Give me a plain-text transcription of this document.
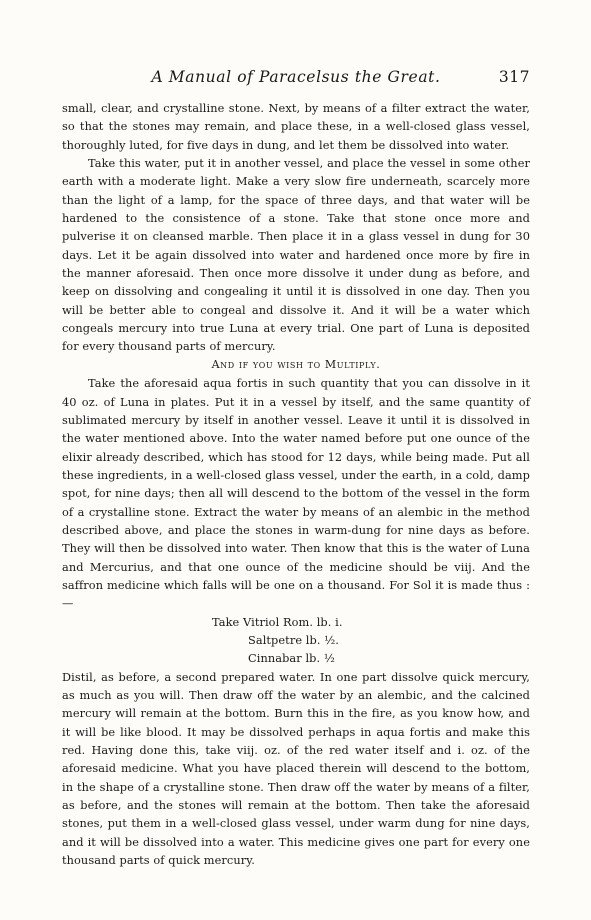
A Manual of Paracelsus the Great.	317

small, clear, and crystalline stone. Next, by means of a filter extract the water, so that the stones may remain, and place these, in a well-closed glass vessel, thoroughly luted, for five days in dung, and let them be dissolved into water.

Take this water, put it in another vessel, and place the vessel in some other earth with a moderate light. Make a very slow fire underneath, scarcely more than the light of a lamp, for the space of three days, and that water will be hardened to the consistence of a stone. Take that stone once more and pulverise it on cleansed marble. Then place it in a glass vessel in dung for 30 days. Let it be again dissolved into water and hardened once more by fire in the manner aforesaid. Then once more dissolve it under dung as before, and keep on dissolving and congealing it until it is dissolved in one day. Then you will be better able to congeal and dissolve it. And it will be a water which congeals mercury into true Luna at every trial. One part of Luna is deposited for every thousand parts of mercury.

And if you wish to Multiply.

Take the aforesaid aqua fortis in such quantity that you can dissolve in it 40 oz. of Luna in plates. Put it in a vessel by itself, and the same quantity of sublimated mercury by itself in another vessel. Leave it until it is dissolved in the water mentioned above. Into the water named before put one ounce of the elixir already described, which has stood for 12 days, while being made. Put all these ingredients, in a well-closed glass vessel, under the earth, in a cold, damp spot, for nine days; then all will descend to the bottom of the vessel in the form of a crystalline stone. Extract the water by means of an alembic in the method described above, and place the stones in warm-dung for nine days as before. They will then be dissolved into water. Then know that this is the water of Luna and Mercurius, and that one ounce of the medicine should be viij. And the saffron medicine which falls will be one on a thousand. For Sol it is made thus :—

Take Vitriol Rom. lb. i.
Saltpetre lb. ½.
Cinnabar lb. ½

Distil, as before, a second prepared water. In one part dissolve quick mercury, as much as you will. Then draw off the water by an alembic, and the calcined mercury will remain at the bottom. Burn this in the fire, as you know how, and it will be like blood. It may be dissolved perhaps in aqua fortis and make this red. Having done this, take viij. oz. of the red water itself and i. oz. of the aforesaid medicine. What you have placed therein will descend to the bottom, in the shape of a crystalline stone. Then draw off the water by means of a filter, as before, and the stones will remain at the bottom. Then take the aforesaid stones, put them in a well-closed glass vessel, under warm dung for nine days, and it will be dissolved into a water. This medicine gives one part for every one thousand parts of quick mercury.
